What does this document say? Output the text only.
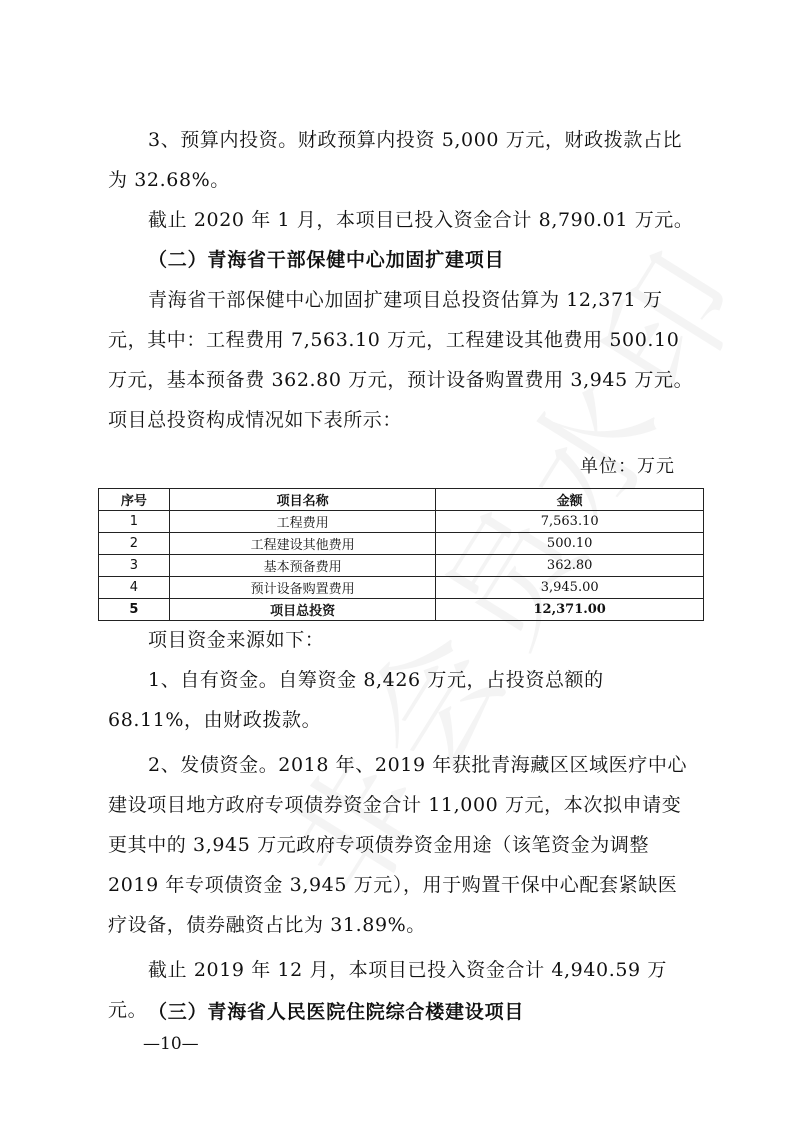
3、预算内投资。财政预算内投资 5,000 万元，财政拨款占比为 32.68%。

截止 2020 年 1 月，本项目已投入资金合计 8,790.01 万元。

（二）青海省干部保健中心加固扩建项目

青海省干部保健中心加固扩建项目总投资估算为 12,371 万元，其中：工程费用 7,563.10 万元，工程建设其他费用 500.10 万元，基本预备费 362.80 万元，预计设备购置费用 3,945 万元。项目总投资构成情况如下表所示：

单位：万元
序号	项目名称	金额
1	工程费用	7,563.10
2	工程建设其他费用	500.10
3	基本预备费用	362.80
4	预计设备购置费用	3,945.00
5	项目总投资	12,371.00

项目资金来源如下：

1、自有资金。自筹资金 8,426 万元，占投资总额的 68.11%，由财政拨款。

2、发债资金。2018 年、2019 年获批青海藏区区域医疗中心建设项目地方政府专项债券资金合计 11,000 万元，本次拟申请变更其中的 3,945 万元政府专项债券资金用途（该笔资金为调整 2019 年专项债资金 3,945 万元），用于购置干保中心配套紧缺医疗设备，债券融资占比为 31.89%。

截止 2019 年 12 月，本项目已投入资金合计 4,940.59 万元。 （三）青海省人民医院住院综合楼建设项目

—10—
